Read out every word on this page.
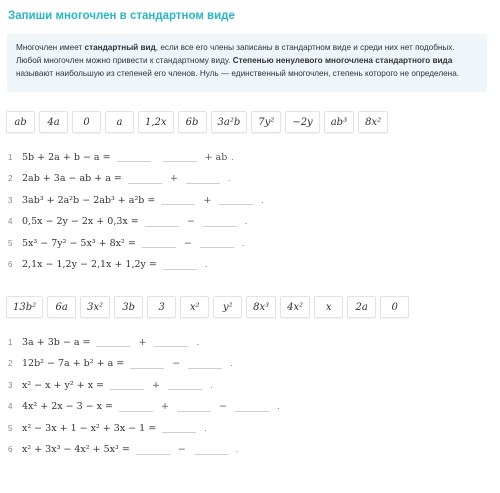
Запиши многочлен в стандартном виде
Многочлен имеет стандартный вид, если все его члены записаны в стандартном виде и среди них нет подобных.
Любой многочлен можно привести к стандартному виду. Степенью ненулевого многочлена стандартного вида
называют наибольшую из степеней его членов. Нуль — единственный многочлен, степень которого не определена.
ab	4a	0	a	1,2x	6b	3a²b	7y²	−2y	ab³	8x²
1	5b + 2a + b − a =	+ ab .
2	2ab + 3a − ab + a =	+	.
3	3ab³ + 2a²b − 2ab³ + a²b =	+	.
4	0,5x − 2y − 2x + 0,3x =	−	.
5	5x³ − 7y² − 5x³ + 8x² =	−	.
6	2,1x − 1,2y − 2,1x + 1,2y =	.
13b²	6a	3x²	3b	3	x²	y²	8x³	4x²	x	2a	0
1	3a + 3b − a =	+	.
2	12b² − 7a + b² + a =	−	.
3	x² − x + y² + x =	+	.
4	4x² + 2x − 3 − x =	+	−	.
5	x² − 3x + 1 − x² + 3x − 1 =	.
6	x² + 3x³ − 4x² + 5x³ =	−	.
